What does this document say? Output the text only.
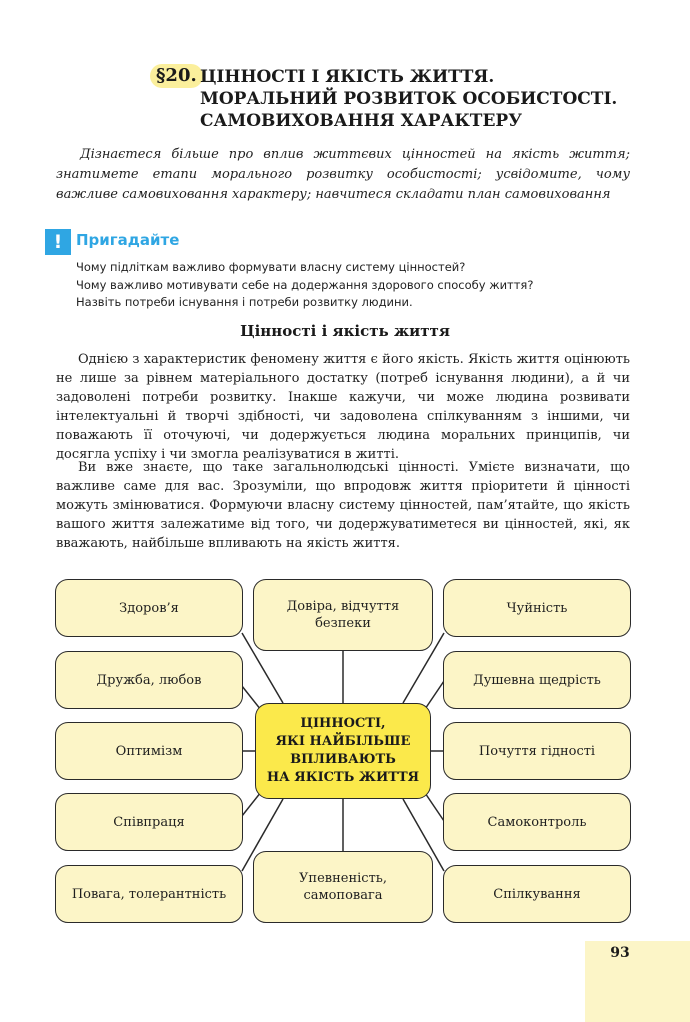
§20. ЦІННОСТІ І ЯКІСТЬ ЖИТТЯ.
МОРАЛЬНИЙ РОЗВИТОК ОСОБИСТОСТІ.
САМОВИХОВАННЯ ХАРАКТЕРУ

Дізнаєтеся більше про вплив життєвих цінностей на якість життя; знатимете етапи морального розвитку особистості; усвідомите, чому важливе самовиховання характеру; навчитеся складати план самовиховання

! Пригадайте
Чому підліткам важливо формувати власну систему цінностей?
Чому важливо мотивувати себе на додержання здорового способу життя?
Назвіть потреби існування і потреби розвитку людини.
Цінності і якість життя

Однією з характеристик феномену життя є його якість. Якість життя оцінюють не лише за рівнем матеріального достатку (потреб існування людини), а й чи задоволені потреби розвитку. Інакше кажучи, чи може людина розвивати інтелектуальні й творчі здібності, чи задоволена спілкуванням з іншими, чи поважають її оточуючі, чи додержується людина моральних принципів, чи досягла успіху і чи змогла реалізуватися в житті.

Ви вже знаєте, що таке загальнолюдські цінності. Умієте визначати, що важливе саме для вас. Зрозуміли, що впродовж життя пріоритети й цінності можуть змінюватися. Формуючи власну систему цінностей, пам’ятайте, що якість вашого життя залежатиме від того, чи додержуватиметеся ви цінностей, які, як вважають, найбільше впливають на якість життя.

Здоров’я
Дружба, любов
Оптимізм
Співпраця
Повага, толерантність
Довіра, відчуття безпеки
Упевненість, самоповага
Чуйність
Душевна щедрість
Почуття гідності
Самоконтроль
Спілкування
ЦІННОСТІ,
ЯКІ НАЙБІЛЬШЕ
ВПЛИВАЮТЬ
НА ЯКІСТЬ ЖИТТЯ
93
